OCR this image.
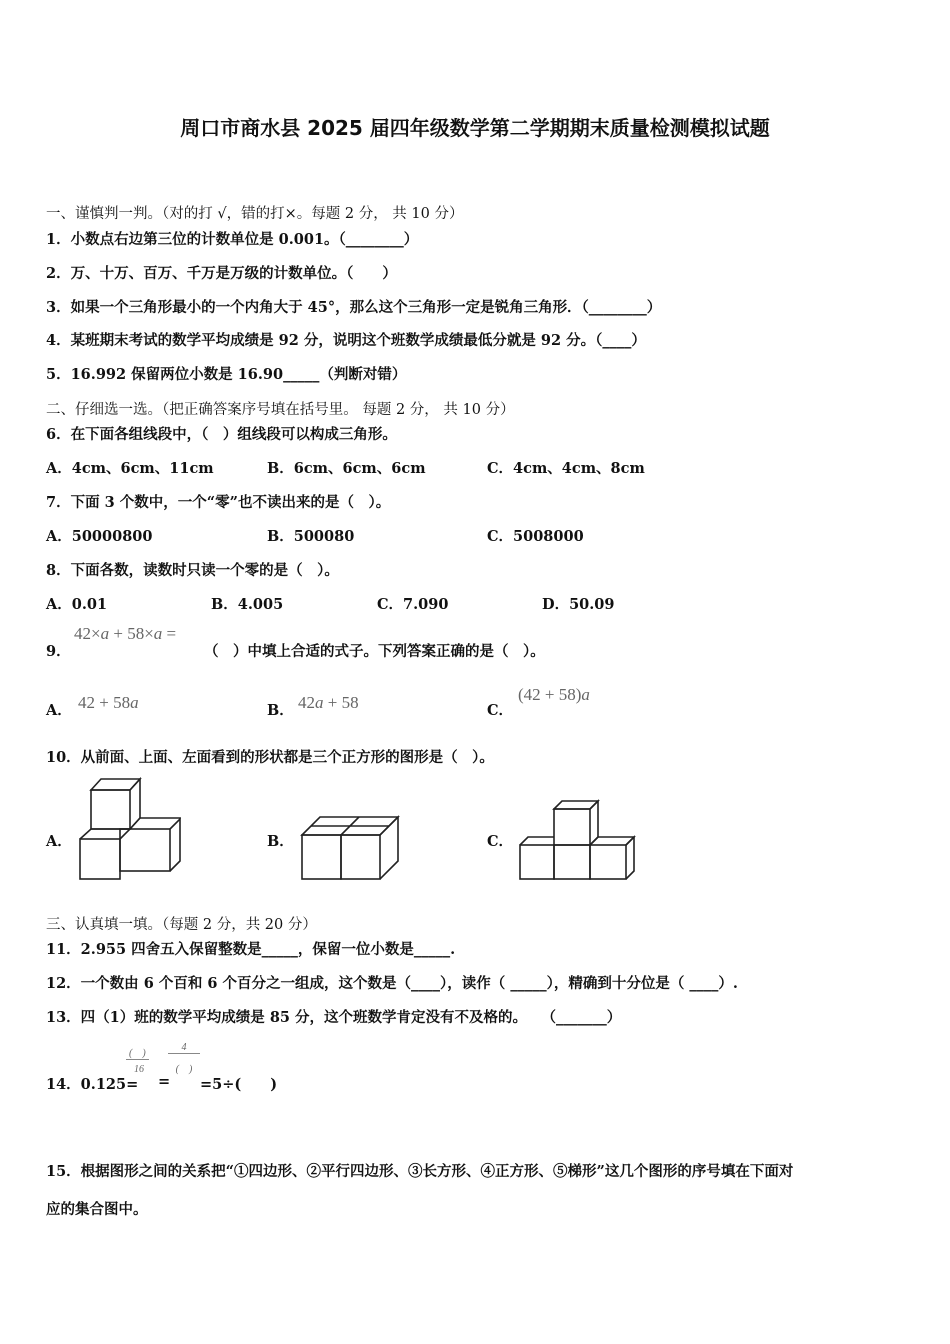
周口市商水县 2025 届四年级数学第二学期期末质量检测模拟试题
一、谨慎判一判。（对的打 √，错的打×。每题 2 分， 共 10 分）
1．小数点右边第三位的计数单位是 0.001。（________）
2．万、十万、百万、千万是万级的计数单位。（　　）
3．如果一个三角形最小的一个内角大于 45°，那么这个三角形一定是锐角三角形．（________）
4．某班期末考试的数学平均成绩是 92 分，说明这个班数学成绩最低分就是 92 分。（____）
5．16.992 保留两位小数是 16.90_____（判断对错）
二、仔细选一选。（把正确答案序号填在括号里。 每题 2 分， 共 10 分）
6．在下面各组线段中，（　）组线段可以构成三角形。
A．4cm、6cm、11cm	B．6cm、6cm、6cm	C．4cm、4cm、8cm
7．下面 3 个数中，一个“零”也不读出来的是（　）。
A．50000800	B．500080	C．5008000
8．下面各数，读数时只读一个零的是（　）。
A．0.01	B．4.005	C．7.090	D．50.09
9．
42×a + 58×a =
（　）中填上合适的式子。下列答案正确的是（　）。
A． 42 + 58a	B． 42a + 58	C．
(42 + 58)a
10．从前面、上面、左面看到的形状都是三个正方形的图形是（　）。
A．	B．	C．
三、认真填一填。（每题 2 分，共 20 分）
11．2.955 四舍五入保留整数是_____，保留一位小数是_____.
12．一个数由 6 个百和 6 个百分之一组成，这个数是（____），读作（ _____），精确到十分位是（ ____）.
13．四（1）班的数学平均成绩是 85 分，这个班数学肯定没有不及格的。　　（_______）
14．0.125=
(　)
16
=
4
(　)
=5÷(　　)
15．根据图形之间的关系把“①四边形、②平行四边形、③长方形、④正方形、⑤梯形”这几个图形的序号填在下面对
应的集合图中。
